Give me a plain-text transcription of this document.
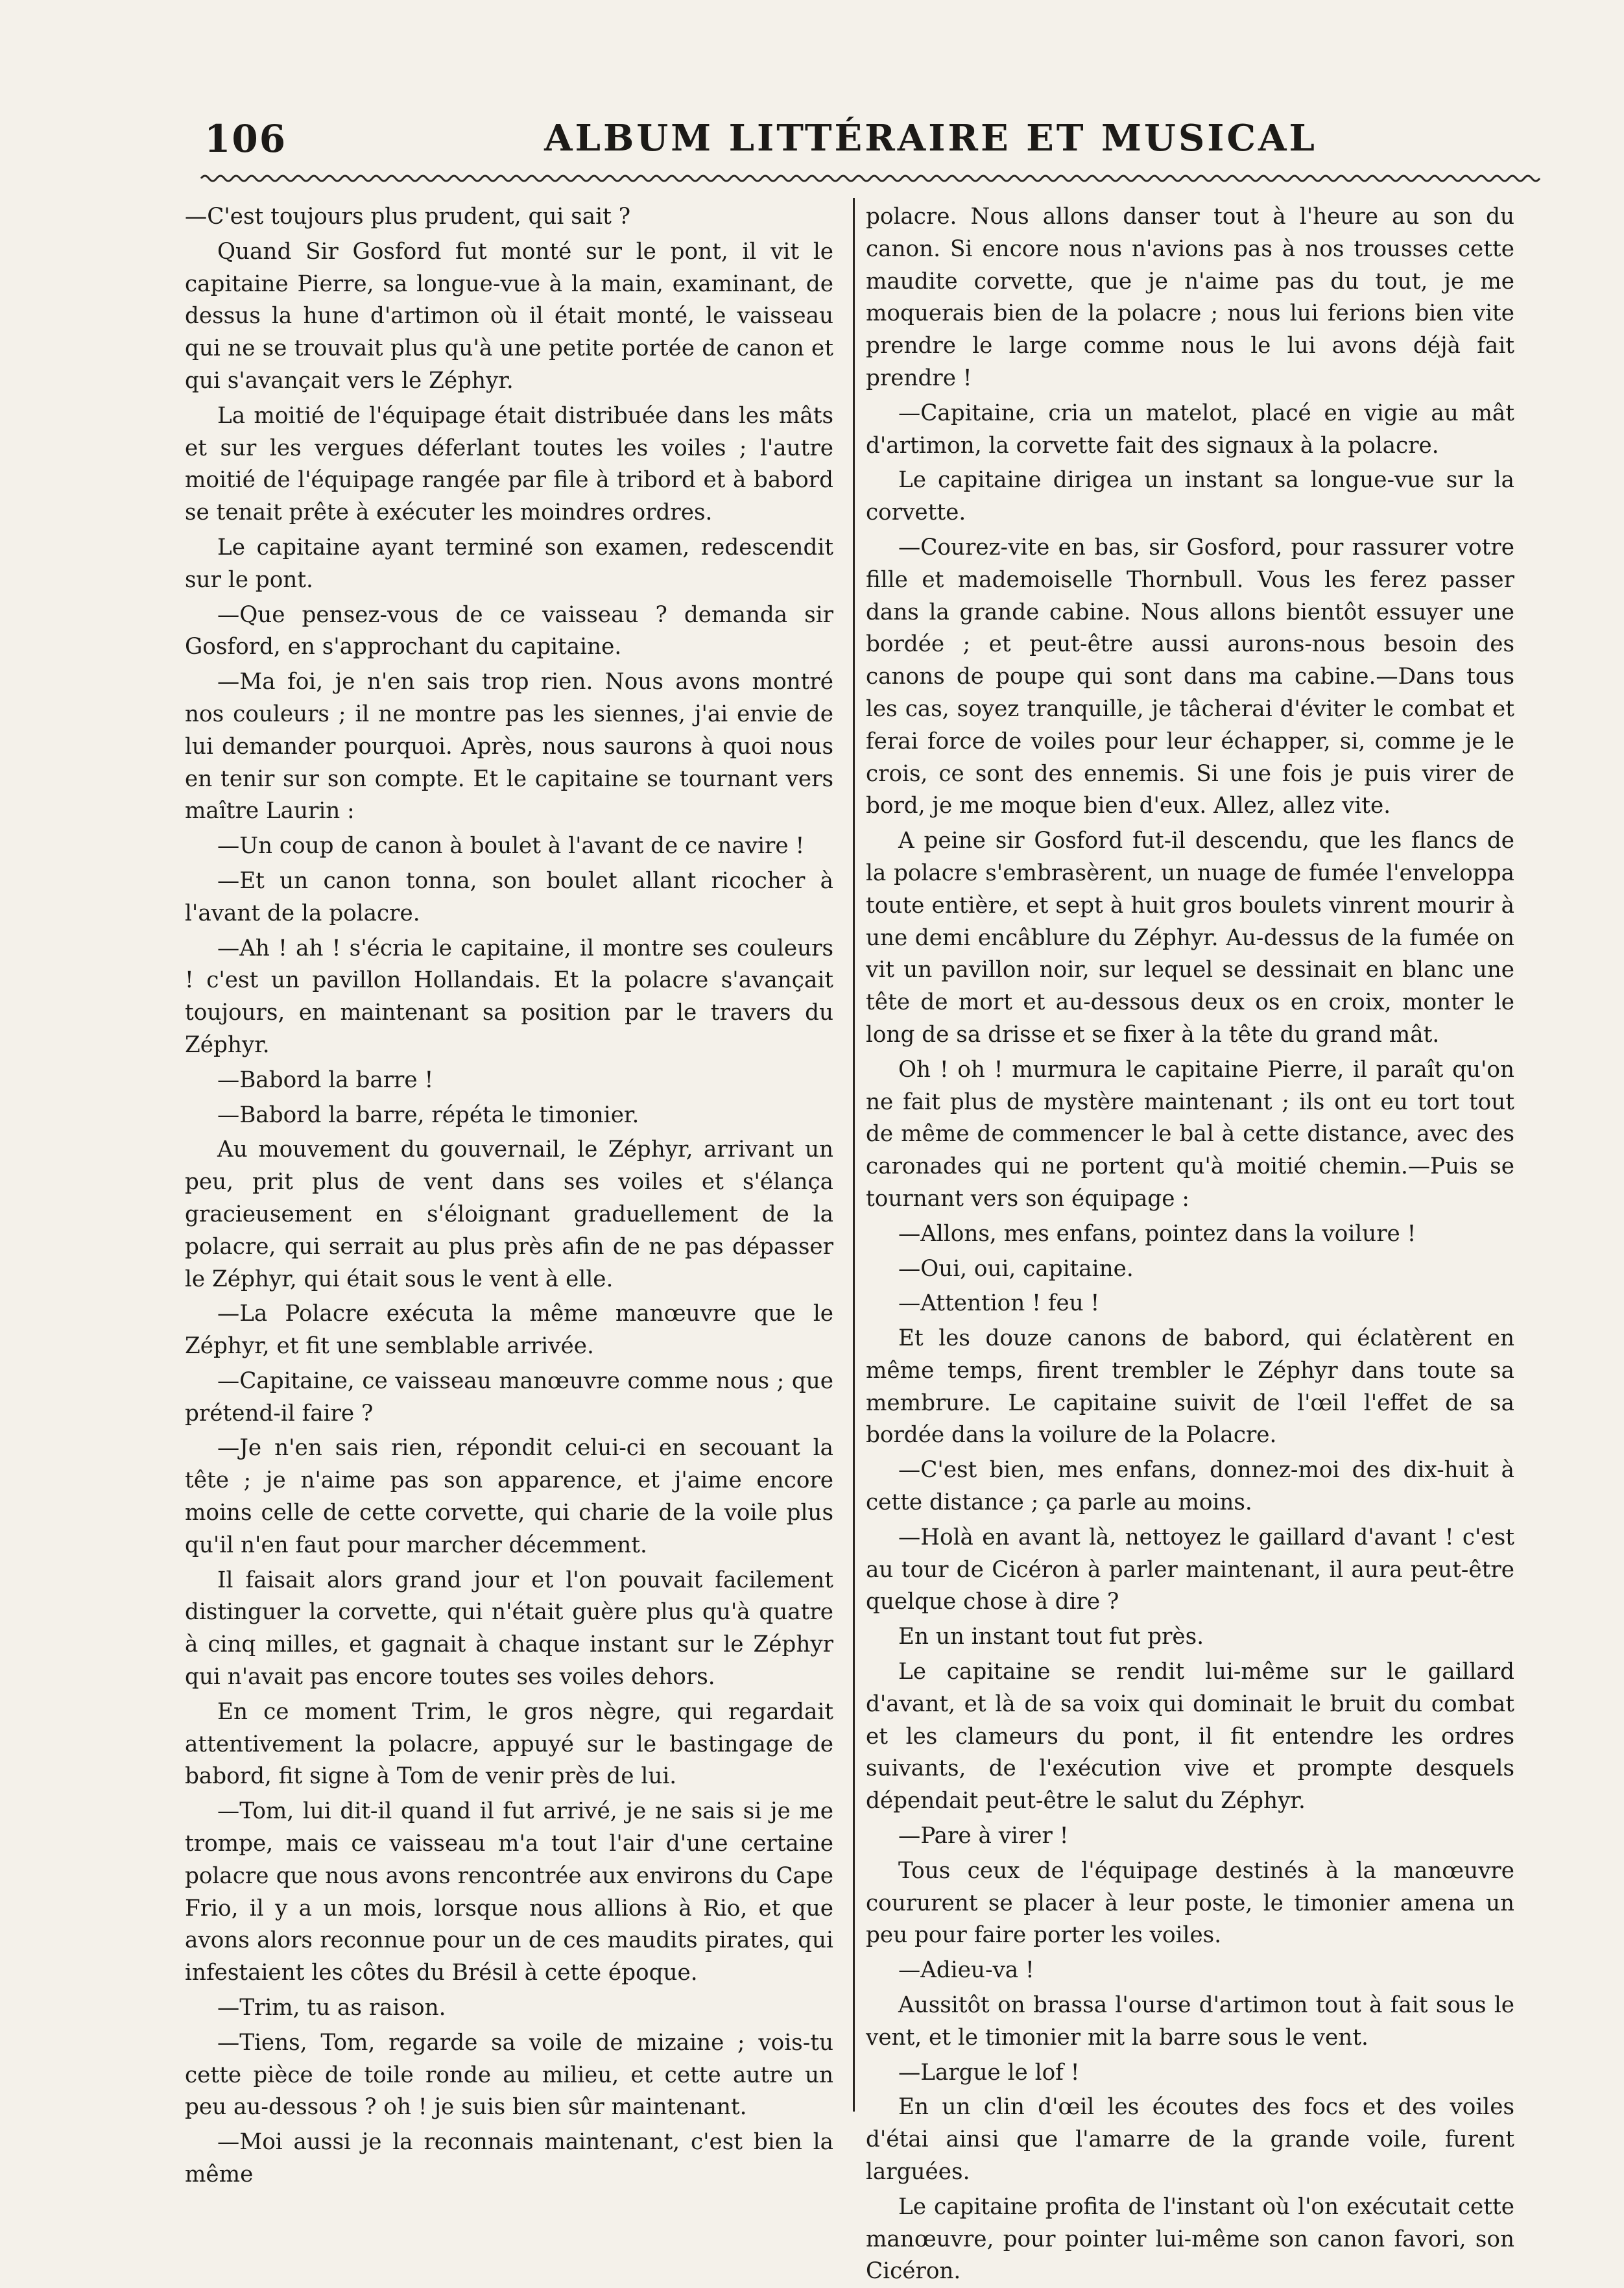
106	ALBUM LITTÉRAIRE ET MUSICAL

—C'est toujours plus prudent, qui sait ?

Quand Sir Gosford fut monté sur le pont, il vit le capitaine Pierre, sa longue-vue à la main, examinant, de dessus la hune d'artimon où il était monté, le vaisseau qui ne se trouvait plus qu'à une petite portée de canon et qui s'avançait vers le Zéphyr.

La moitié de l'équipage était distribuée dans les mâts et sur les vergues déferlant toutes les voiles ; l'autre moitié de l'équipage rangée par file à tribord et à babord se tenait prête à exécuter les moindres ordres.

Le capitaine ayant terminé son examen, redescendit sur le pont.

—Que pensez-vous de ce vaisseau ? demanda sir Gosford, en s'approchant du capitaine.

—Ma foi, je n'en sais trop rien. Nous avons montré nos couleurs ; il ne montre pas les siennes, j'ai envie de lui demander pourquoi. Après, nous saurons à quoi nous en tenir sur son compte. Et le capitaine se tournant vers maître Laurin :

—Un coup de canon à boulet à l'avant de ce navire !

—Et un canon tonna, son boulet allant ricocher à l'avant de la polacre.

—Ah ! ah ! s'écria le capitaine, il montre ses couleurs ! c'est un pavillon Hollandais. Et la polacre s'avançait toujours, en maintenant sa position par le travers du Zéphyr.

—Babord la barre !

—Babord la barre, répéta le timonier.

Au mouvement du gouvernail, le Zéphyr, arrivant un peu, prit plus de vent dans ses voiles et s'élança gracieusement en s'éloignant graduellement de la polacre, qui serrait au plus près afin de ne pas dépasser le Zéphyr, qui était sous le vent à elle.

—La Polacre exécuta la même manœuvre que le Zéphyr, et fit une semblable arrivée.

—Capitaine, ce vaisseau manœuvre comme nous ; que prétend-il faire ?

—Je n'en sais rien, répondit celui-ci en secouant la tête ; je n'aime pas son apparence, et j'aime encore moins celle de cette corvette, qui charie de la voile plus qu'il n'en faut pour marcher décemment.

Il faisait alors grand jour et l'on pouvait facilement distinguer la corvette, qui n'était guère plus qu'à quatre à cinq milles, et gagnait à chaque instant sur le Zéphyr qui n'avait pas encore toutes ses voiles dehors.

En ce moment Trim, le gros nègre, qui regardait attentivement la polacre, appuyé sur le bastingage de babord, fit signe à Tom de venir près de lui.

—Tom, lui dit-il quand il fut arrivé, je ne sais si je me trompe, mais ce vaisseau m'a tout l'air d'une certaine polacre que nous avons rencontrée aux environs du Cape Frio, il y a un mois, lorsque nous allions à Rio, et que avons alors reconnue pour un de ces maudits pirates, qui infestaient les côtes du Brésil à cette époque.

—Trim, tu as raison.

—Tiens, Tom, regarde sa voile de mizaine ; vois-tu cette pièce de toile ronde au milieu, et cette autre un peu au-dessous ? oh ! je suis bien sûr maintenant.

—Moi aussi je la reconnais maintenant, c'est bien la même

polacre. Nous allons danser tout à l'heure au son du canon. Si encore nous n'avions pas à nos trousses cette maudite corvette, que je n'aime pas du tout, je me moquerais bien de la polacre ; nous lui ferions bien vite prendre le large comme nous le lui avons déjà fait prendre !

—Capitaine, cria un matelot, placé en vigie au mât d'artimon, la corvette fait des signaux à la polacre.

Le capitaine dirigea un instant sa longue-vue sur la corvette.

—Courez-vite en bas, sir Gosford, pour rassurer votre fille et mademoiselle Thornbull. Vous les ferez passer dans la grande cabine. Nous allons bientôt essuyer une bordée ; et peut-être aussi aurons-nous besoin des canons de poupe qui sont dans ma cabine.—Dans tous les cas, soyez tranquille, je tâcherai d'éviter le combat et ferai force de voiles pour leur échapper, si, comme je le crois, ce sont des ennemis. Si une fois je puis virer de bord, je me moque bien d'eux. Allez, allez vite.

A peine sir Gosford fut-il descendu, que les flancs de la polacre s'embrasèrent, un nuage de fumée l'enveloppa toute entière, et sept à huit gros boulets vinrent mourir à une demi encâblure du Zéphyr. Au-dessus de la fumée on vit un pavillon noir, sur lequel se dessinait en blanc une tête de mort et au-dessous deux os en croix, monter le long de sa drisse et se fixer à la tête du grand mât.

Oh ! oh ! murmura le capitaine Pierre, il paraît qu'on ne fait plus de mystère maintenant ; ils ont eu tort tout de même de commencer le bal à cette distance, avec des caronades qui ne portent qu'à moitié chemin.—Puis se tournant vers son équipage :

—Allons, mes enfans, pointez dans la voilure !

—Oui, oui, capitaine.

—Attention ! feu !

Et les douze canons de babord, qui éclatèrent en même temps, firent trembler le Zéphyr dans toute sa membrure. Le capitaine suivit de l'œil l'effet de sa bordée dans la voilure de la Polacre.

—C'est bien, mes enfans, donnez-moi des dix-huit à cette distance ; ça parle au moins.

—Holà en avant là, nettoyez le gaillard d'avant ! c'est au tour de Cicéron à parler maintenant, il aura peut-être quelque chose à dire ?

En un instant tout fut près.

Le capitaine se rendit lui-même sur le gaillard d'avant, et là de sa voix qui dominait le bruit du combat et les clameurs du pont, il fit entendre les ordres suivants, de l'exécution vive et prompte desquels dépendait peut-être le salut du Zéphyr.

—Pare à virer !

Tous ceux de l'équipage destinés à la manœuvre coururent se placer à leur poste, le timonier amena un peu pour faire porter les voiles.

—Adieu-va !

Aussitôt on brassa l'ourse d'artimon tout à fait sous le vent, et le timonier mit la barre sous le vent.

—Largue le lof !

En un clin d'œil les écoutes des focs et des voiles d'étai ainsi que l'amarre de la grande voile, furent larguées.

Le capitaine profita de l'instant où l'on exécutait cette manœuvre, pour pointer lui-même son canon favori, son Cicéron.
